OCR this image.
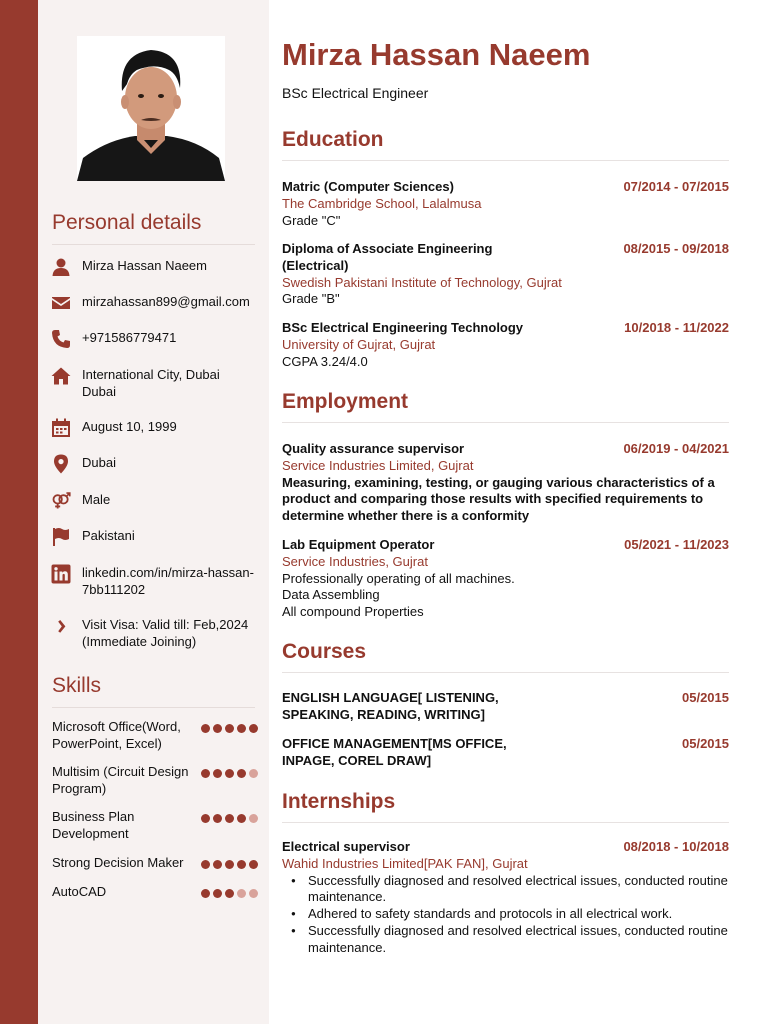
Personal details
Mirza Hassan Naeem
mirzahassan899@gmail.com
+971586779471
International City, Dubai
Dubai
August 10, 1999
Dubai
Male
Pakistani
linkedin.com/in/mirza-hassan-
7bb111202
Visit Visa: Valid till: Feb,2024
(Immediate Joining)
Skills
Microsoft Office(Word, PowerPoint, Excel)
Multisim (Circuit Design Program)
Business Plan Development
Strong Decision Maker
AutoCAD
Mirza Hassan Naeem
BSc Electrical Engineer
Education
Matric (Computer Sciences)	07/2014 - 07/2015
The Cambridge School, Lalalmusa
Grade "C"
Diploma of Associate Engineering
(Electrical)
08/2015 - 09/2018
Swedish Pakistani Institute of Technology, Gujrat
Grade "B"
BSc Electrical Engineering Technology	10/2018 - 11/2022
University of Gujrat, Gujrat
CGPA 3.24/4.0
Employment
Quality assurance supervisor	06/2019 - 04/2021
Service Industries Limited, Gujrat
Measuring, examining, testing, or gauging various characteristics of a product and comparing those results with specified requirements to determine whether there is a conformity
Lab Equipment Operator	05/2021 - 11/2023
Service Industries, Gujrat
Professionally operating of all machines.
Data Assembling
All compound Properties
Courses
ENGLISH LANGUAGE[ LISTENING,
SPEAKING, READING, WRITING]
05/2015
OFFICE MANAGEMENT[MS OFFICE,
INPAGE, COREL DRAW]
05/2015
Internships
Electrical supervisor	08/2018 - 10/2018
Wahid Industries Limited[PAK FAN], Gujrat
● Successfully diagnosed and resolved electrical issues, conducted routine maintenance.
● Adhered to safety standards and protocols in all electrical work.
● Successfully diagnosed and resolved electrical issues, conducted routine maintenance.
